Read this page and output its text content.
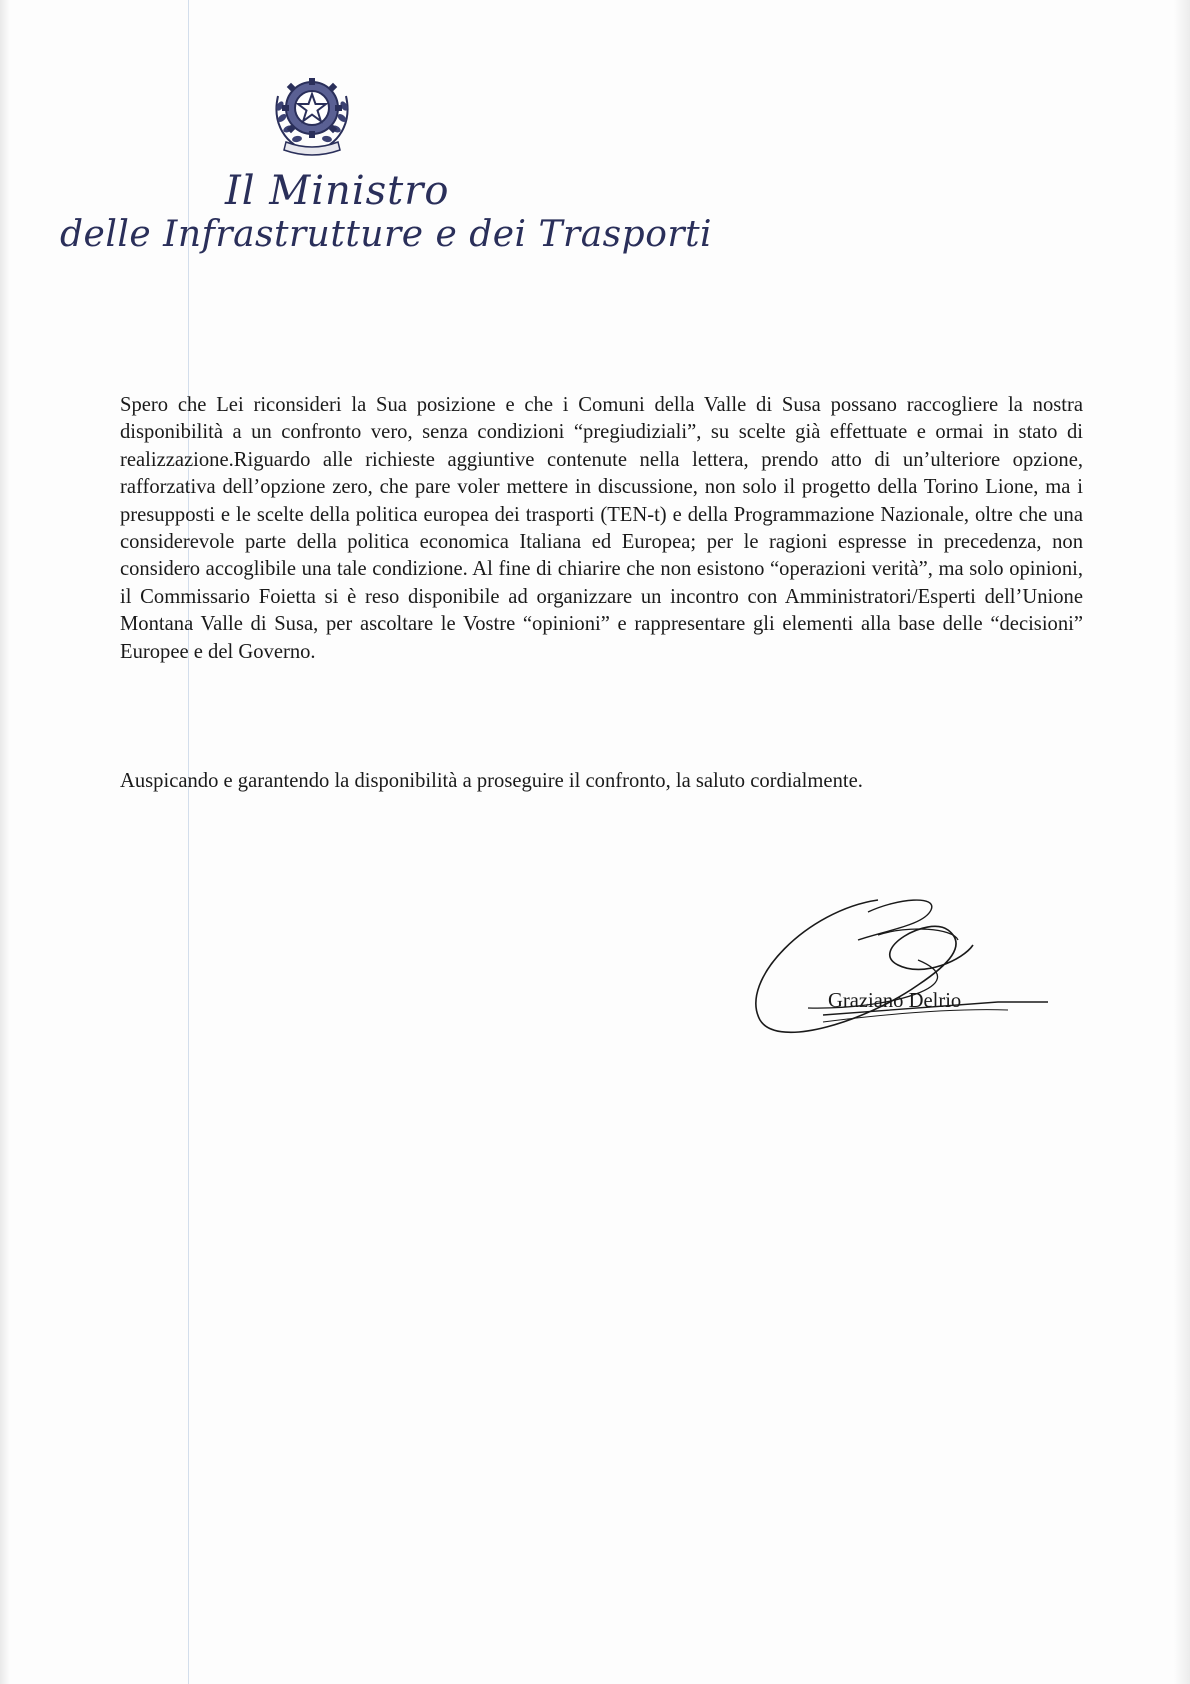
Il Ministro
delle Infrastrutture e dei Trasporti

Spero che Lei riconsideri la Sua posizione e che i Comuni della Valle di Susa possano raccogliere la nostra disponibilità a un confronto vero, senza condizioni “pregiudiziali”, su scelte già effettuate e ormai in stato di realizzazione.Riguardo alle richieste aggiuntive contenute nella lettera, prendo atto di un’ulteriore opzione, rafforzativa dell’opzione zero, che pare voler mettere in discussione, non solo il progetto della Torino Lione, ma i presupposti e le scelte della politica europea dei trasporti (TEN-t) e della Programmazione Nazionale, oltre che una considerevole parte della politica economica Italiana ed Europea; per le ragioni espresse in precedenza, non considero accoglibile una tale condizione. Al fine di chiarire che non esistono “operazioni verità”, ma solo opinioni, il Commissario Foietta si è reso disponibile ad organizzare un incontro con Amministratori/Esperti dell’Unione Montana Valle di Susa, per ascoltare le Vostre “opinioni” e rappresentare gli elementi alla base delle “decisioni” Europee e del Governo.

Auspicando e garantendo la disponibilità a proseguire il confronto, la saluto cordialmente.
Graziano Delrio
